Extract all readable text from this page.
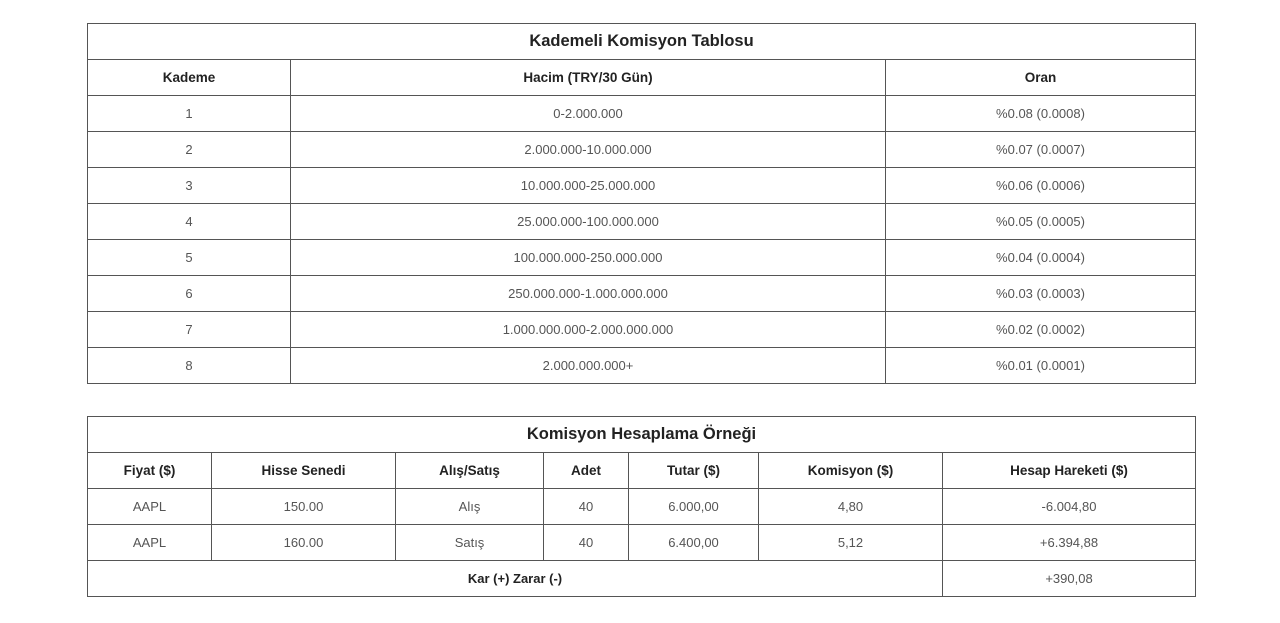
Kademeli Komisyon Tablosu		
Kademe	Hacim (TRY/30 Gün)	Oran
1	0-2.000.000	%0.08 (0.0008)
2	2.000.000-10.000.000	%0.07 (0.0007)
3	10.000.000-25.000.000	%0.06 (0.0006)
4	25.000.000-100.000.000	%0.05 (0.0005)
5	100.000.000-250.000.000	%0.04 (0.0004)
6	250.000.000-1.000.000.000	%0.03 (0.0003)
7	1.000.000.000-2.000.000.000	%0.02 (0.0002)
8	2.000.000.000+	%0.01 (0.0001)
Komisyon Hesaplama Örneği						
Fiyat ($)	Hisse Senedi	Alış/Satış	Adet	Tutar ($)	Komisyon ($)	Hesap Hareketi ($)
AAPL	150.00	Alış	40	6.000,00	4,80	-6.004,80
AAPL	160.00	Satış	40	6.400,00	5,12	+6.394,88
Kar (+) Zarar (-)						+390,08
